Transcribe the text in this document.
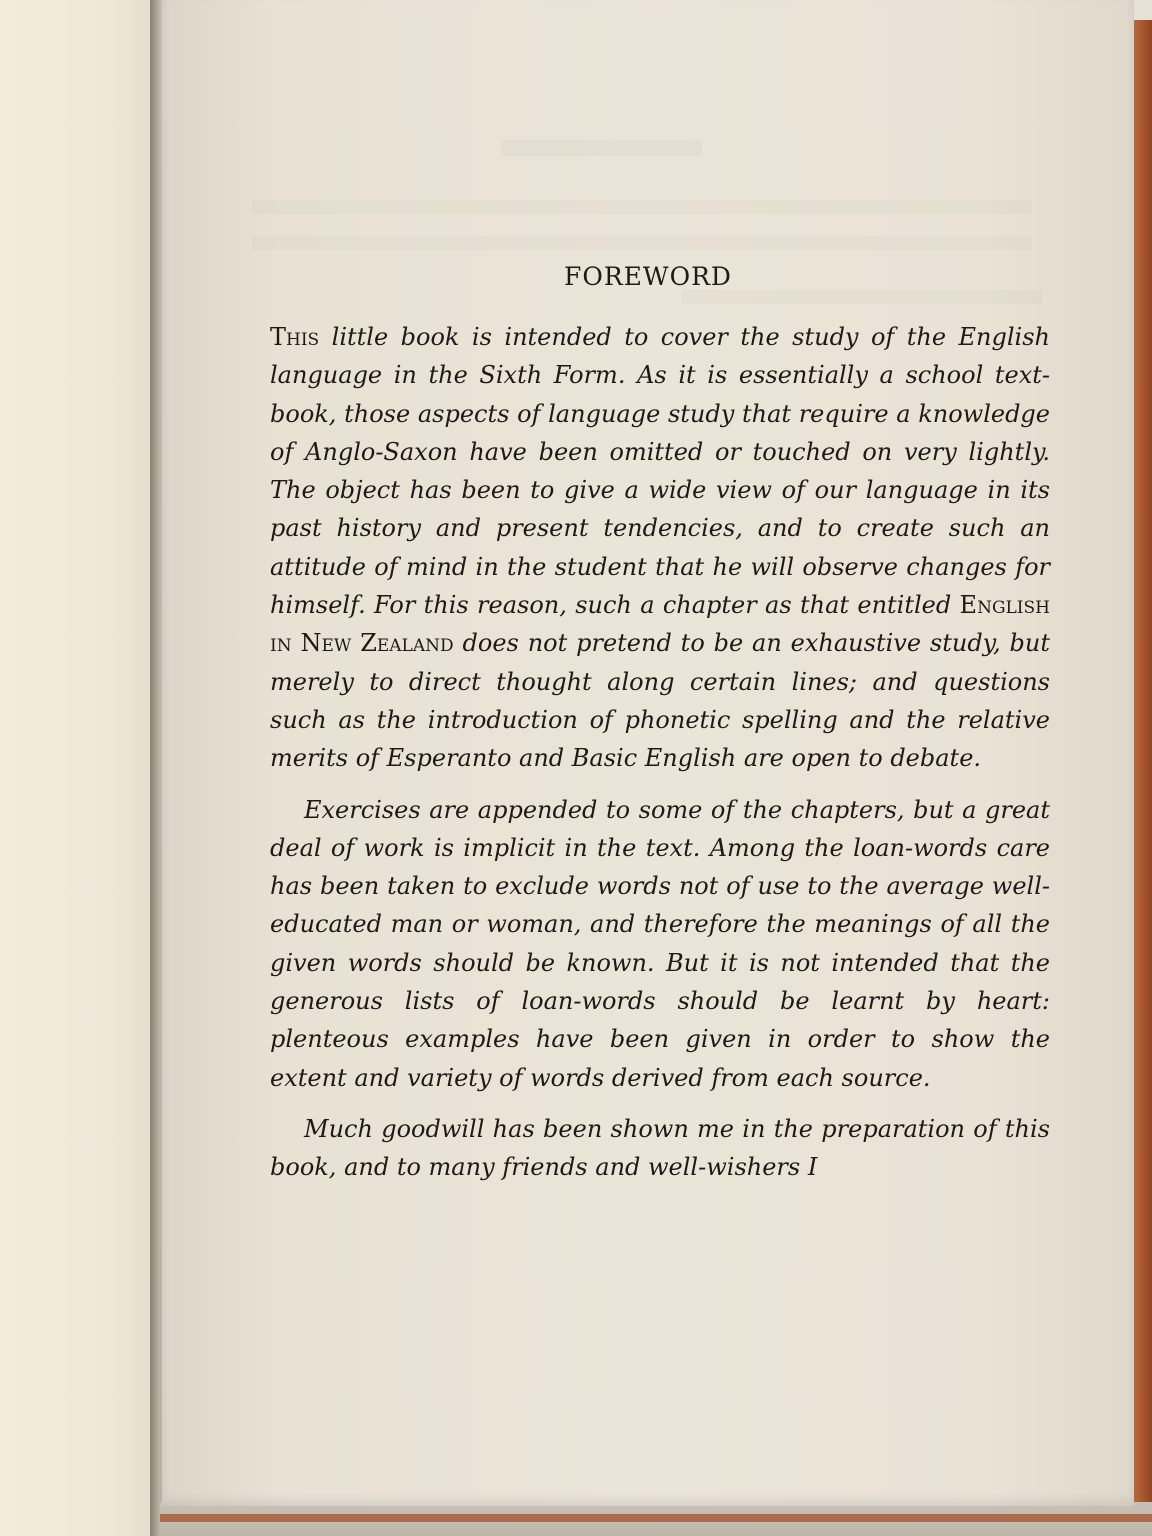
FOREWORD

This little book is intended to cover the study of the English language in the Sixth Form. As it is essentially a school text-book, those aspects of language study that require a knowledge of Anglo-Saxon have been omitted or touched on very lightly. The object has been to give a wide view of our language in its past history and present tendencies, and to create such an attitude of mind in the student that he will observe changes for himself. For this reason, such a chapter as that entitled English in New Zealand does not pretend to be an exhaustive study, but merely to direct thought along certain lines; and questions such as the introduction of phonetic spelling and the relative merits of Esperanto and Basic English are open to debate.

Exercises are appended to some of the chapters, but a great deal of work is implicit in the text. Among the loan-words care has been taken to exclude words not of use to the average well-educated man or woman, and therefore the meanings of all the given words should be known. But it is not intended that the generous lists of loan-words should be learnt by heart: plenteous examples have been given in order to show the extent and variety of words derived from each source.

Much goodwill has been shown me in the preparation of this book, and to many friends and well-wishers I
